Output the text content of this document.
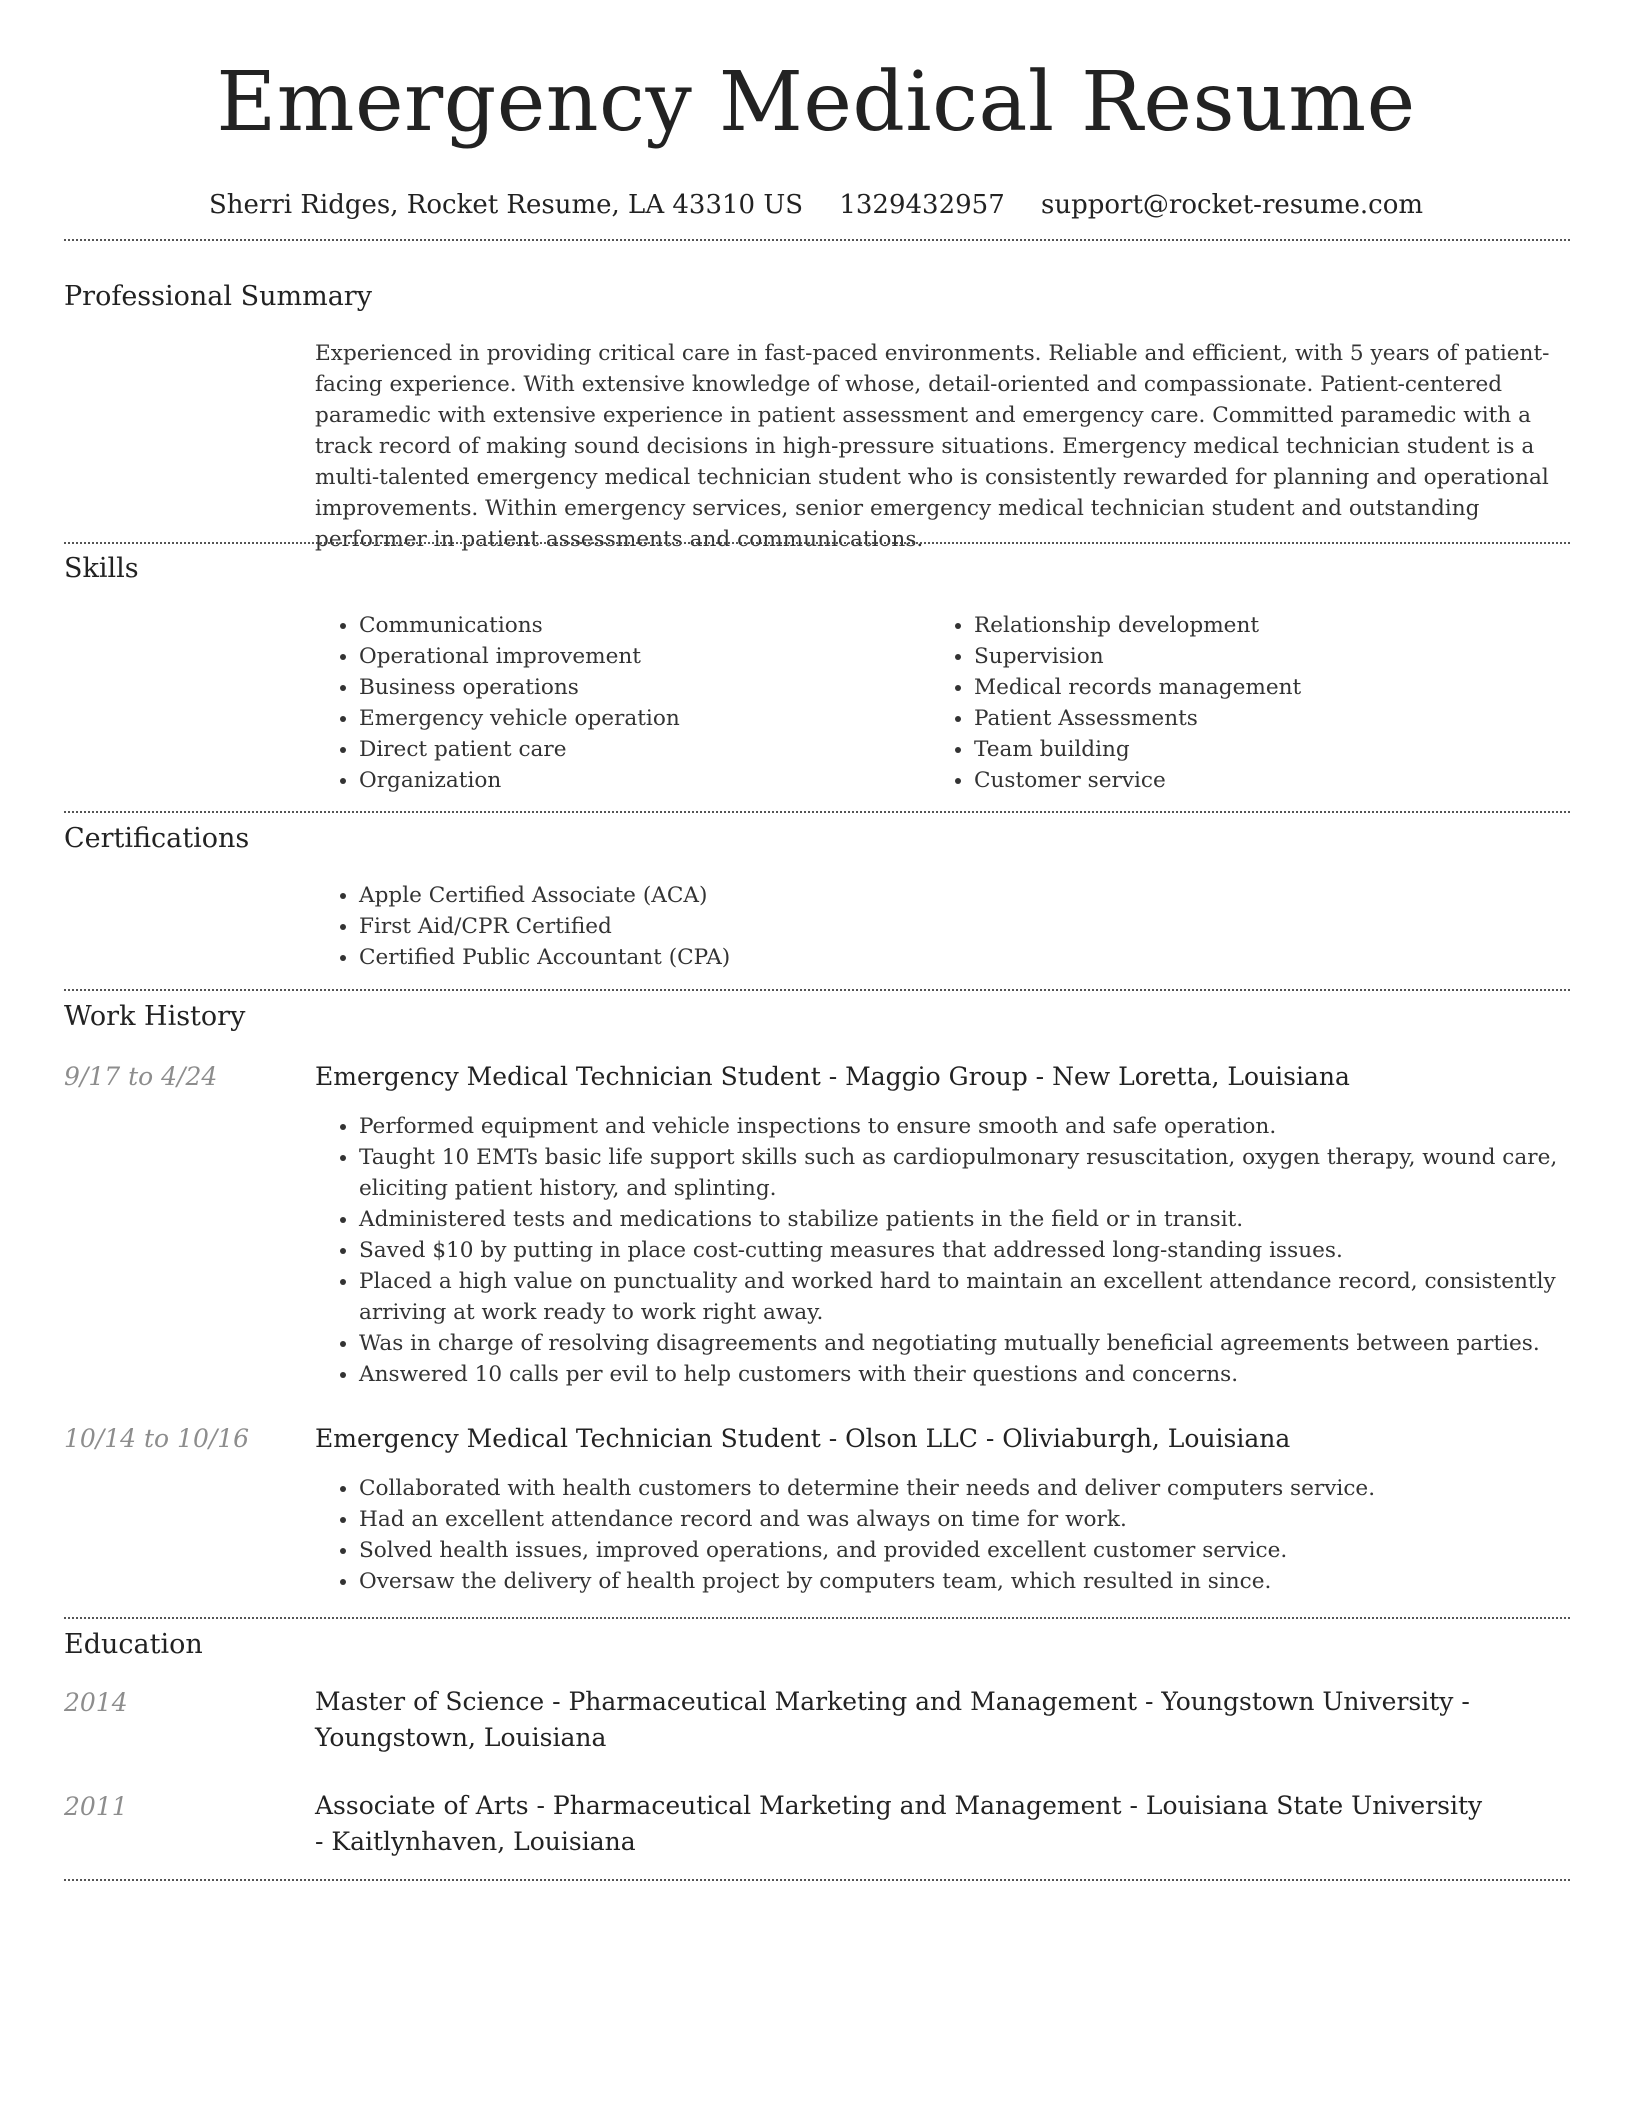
Emergency Medical Resume
Sherri Ridges, Rocket Resume, LA 43310 US 1329432957 support@rocket-resume.com
Professional Summary

Experienced in providing critical care in fast-paced environments. Reliable and efficient, with 5 years of patient-facing experience. With extensive knowledge of whose, detail-oriented and compassionate. Patient-centered paramedic with extensive experience in patient assessment and emergency care. Committed paramedic with a track record of making sound decisions in high-pressure situations. Emergency medical technician student is a multi-talented emergency medical technician student who is consistently rewarded for planning and operational improvements. Within emergency services, senior emergency medical technician student and outstanding performer in patient assessments and communications.

Skills
• Communications
• Operational improvement
• Business operations
• Emergency vehicle operation
• Direct patient care
• Organization
• Relationship development
• Supervision
• Medical records management
• Patient Assessments
• Team building
• Customer service
Certifications
• Apple Certified Associate (ACA)
• First Aid/CPR Certified
• Certified Public Accountant (CPA)
Work History
9/17 to 4/24	Emergency Medical Technician Student - Maggio Group - New Loretta, Louisiana
• Performed equipment and vehicle inspections to ensure smooth and safe operation.
• Taught 10 EMTs basic life support skills such as cardiopulmonary resuscitation, oxygen therapy, wound care, eliciting patient history, and splinting.
• Administered tests and medications to stabilize patients in the field or in transit.
• Saved $10 by putting in place cost-cutting measures that addressed long-standing issues.
• Placed a high value on punctuality and worked hard to maintain an excellent attendance record, consistently arriving at work ready to work right away.
• Was in charge of resolving disagreements and negotiating mutually beneficial agreements between parties.
• Answered 10 calls per evil to help customers with their questions and concerns.
10/14 to 10/16	Emergency Medical Technician Student - Olson LLC - Oliviaburgh, Louisiana
• Collaborated with health customers to determine their needs and deliver computers service.
• Had an excellent attendance record and was always on time for work.
• Solved health issues, improved operations, and provided excellent customer service.
• Oversaw the delivery of health project by computers team, which resulted in since.
Education
2014	Master of Science - Pharmaceutical Marketing and Management - Youngstown University - Youngstown, Louisiana
2011	Associate of Arts - Pharmaceutical Marketing and Management - Louisiana State University - Kaitlynhaven, Louisiana
